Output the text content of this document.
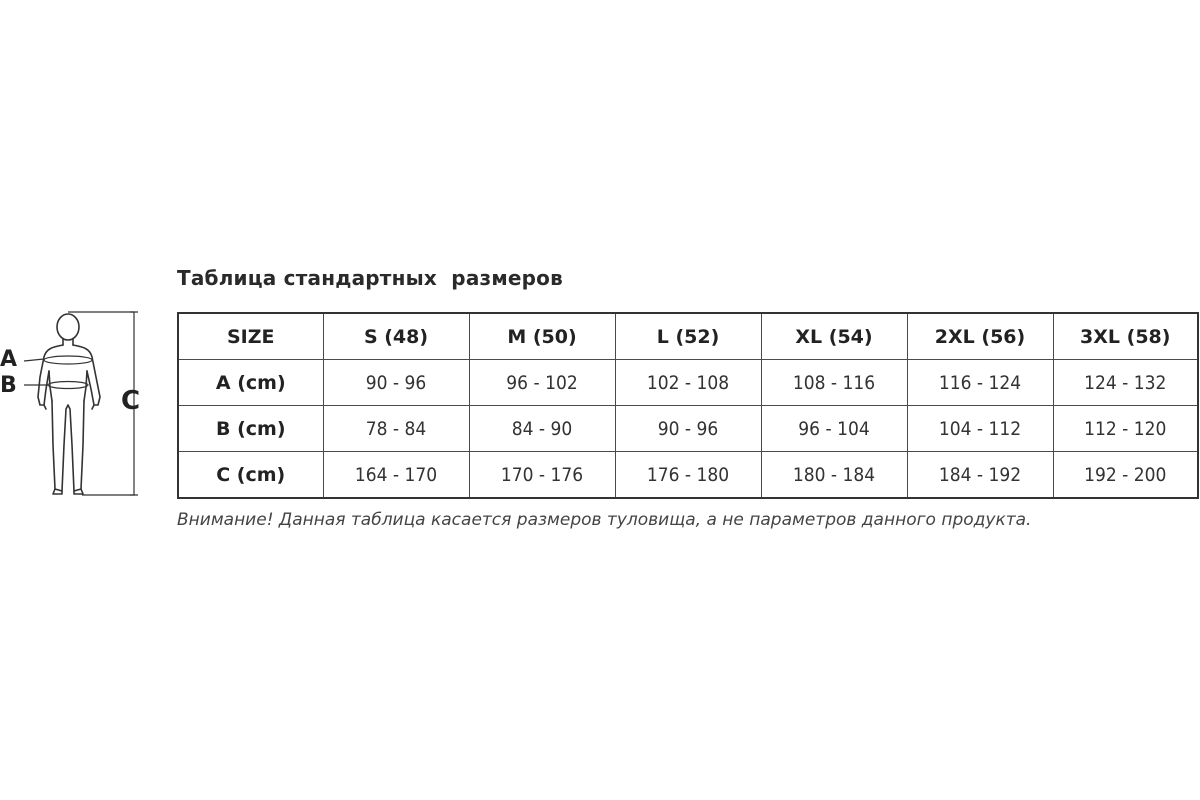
Таблица стандартных  размеров
A
B
C
SIZE	S (48)	M (50)	L (52)	XL (54)	2XL (56)	3XL (58)
A (cm)	90 - 96	96 - 102	102 - 108	108 - 116	116 - 124	124 - 132
B (cm)	78 - 84	84 - 90	90 - 96	96 - 104	104 - 112	112 - 120
C (cm)	164 - 170	170 - 176	176 - 180	180 - 184	184 - 192	192 - 200
Внимание! Данная таблица касается размеров туловища, а не параметров данного продукта.
